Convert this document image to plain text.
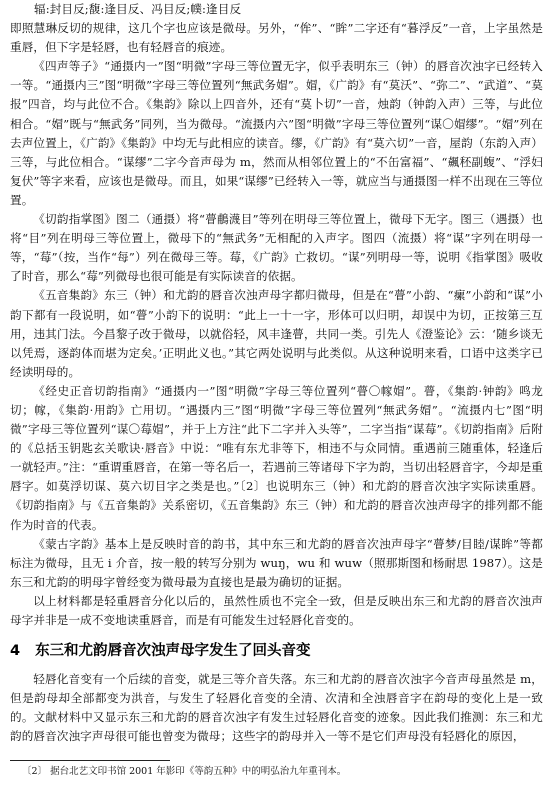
辐:封目反;馥:逢目反、冯目反;幞:逢目反

即照慧琳反切的规律，这几个字也应该是微母。另外，“侔”、“眸”二字还有“暮浮反”一音，上字虽然是重唇，但下字是轻唇，也有轻唇音的痕迹。

《四声等子》“通摄内一”图“明微”字母三等位置无字，似乎表明东三（钟）的唇音次浊字已经转入一等。“通摄内三”图“明微”字母三等位置列“無武务媢”。媢，《广韵》有“莫沃”、“弥二”、“武道”、“莫报”四音，均与此位不合。《集韵》除以上四音外，还有“莫卜切”一音，烛韵（钟韵入声）三等，与此位相合。“媢”既与“無武务”同列，当为微母。“流摄内六”图“明微”字母三等位置列“谋〇媢缪”。“媢”列在去声位置上，《广韵》《集韵》中均无与此相应的读音。缪，《广韵》有“莫六切”一音，屋韵（东韵入声）三等，与此位相合。“谋缪”二字今音声母为 m，然而从相邻位置上的“不缶富福”、“飆秠副蝮”、“浮妇复伏”等字来看，应该也是微母。而且，如果“谋缪”已经转入一等，就应当与通摄图一样不出现在三等位置。

《切韵指掌图》图二（通摄）将“瞢鵏瀎目”等列在明母三等位置上，微母下无字。图三（遇摄）也将“目”列在明母三等位置上，微母下的“無武务”无相配的入声字。图四（流摄）将“谋”字列在明母一等，“莓”（按，当作“每”）列在微母三等。莓，《广韵》亡救切。“谋”列明母一等，说明《指掌图》吸收了时音，那么“莓”列微母也很可能是有实际读音的依据。

《五音集韵》东三（钟）和尤韵的唇音次浊声母字都归微母，但是在“瞢”小韵、“瘰”小韵和“谋”小韵下都有一段说明，如“瞢”小韵下的说明：“此上一十一字，形体可以归明，却误中为切，正按第三互用，违其门法。今昌黎子改于微母，以就俗轻，风丰逢瞢，共同一类。引先人《澄鉴论》云：‘随乡谈无以凭焉，逐韵体而堪为定矣。’正明此义也。”其它两处说明与此类似。从这种说明来看，口语中这类字已经读明母的。

《经史正音切韵指南》“通摄内一”图“明微”字母三等位置列“瞢〇幏媢”。瞢，《集韵·钟韵》鸣龙切；幏，《集韵·用韵》亡用切。“遇摄内三”图“明微”字母三等位置列“無武务媢”。“流摄内七”图“明微”字母三等位置列“谋〇莓媢”，并于上方注“此下二字并入头等”，二字当指“谋莓”。《切韵指南》后附的《总括玉钥匙玄关歌诀·唇音》中说：“唯有东尤非等下，相违不与众同情。重遇前三随重体，轻逢后一就轻声。”注：“重谓重唇音，在第一等名后一，若遇前三等诸母下字为韵，当切出轻唇音字，今却是重唇字。如莫浮切谋、莫六切目字之类是也。”〔2〕也说明东三（钟）和尤韵的唇音次浊字实际读重唇。《切韵指南》与《五音集韵》关系密切，《五音集韵》东三（钟）和尤韵的唇音次浊声母字的排列都不能作为时音的代表。

《蒙古字韵》基本上是反映时音的韵书，其中东三和尤韵的唇音次浊声母字“瞢梦/目睦/谋眸”等都标注为微母，且无 i 介音，按一般的转写分别为 wuŋ，wu 和 wuw（照那斯图和杨耐思 1987）。这是东三和尤韵的明母字曾经变为微母最为直接也是最为确切的证据。

以上材料都是轻重唇音分化以后的，虽然性质也不完全一致，但是反映出东三和尤韵的唇音次浊声母字并非是一成不变地读重唇音，而是有可能发生过轻唇化音变的。

4 东三和尤韵唇音次浊声母字发生了回头音变

轻唇化音变有一个后续的音变，就是三等介音失落。东三和尤韵的唇音次浊字今音声母虽然是 m，但是韵母却全部都变为洪音，与发生了轻唇化音变的全清、次清和全浊唇音字在韵母的变化上是一致的。文献材料中又显示东三和尤韵的唇音次浊字有发生过轻唇化音变的迹象。因此我们推测：东三和尤韵的唇音次浊字声母很可能也曾变为微母；这些字的韵母并入一等不是它们声母没有轻唇化的原因，

〔2〕 据台北艺文印书馆 2001 年影印《等韵五种》中的明弘治九年重刊本。
